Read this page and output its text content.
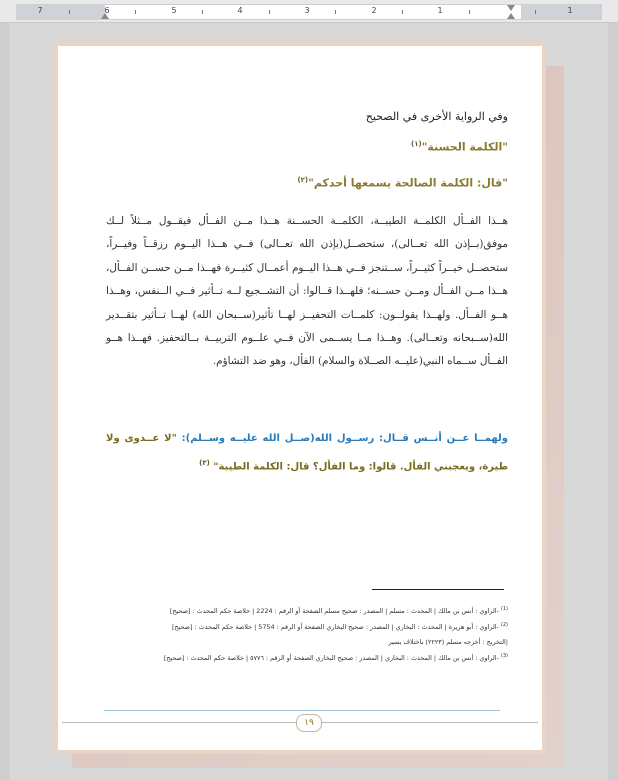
7	6	5	4	3	2	1	1
وفي الرواية الأخرى في الصحيح
"الكلمة الحسنة"$^{(١)}$
"قال: الكلمة الصالحة يسمعها أحدكم"$^{(٢)}$
هــذا الفــأل الكلمــة الطيبــة، الكلمــة الحســنة هــذا مــن الفــأل فيقــول مــثلاً لــك موفق(بــإذن الله تعــالى)، ستحصــل(بإذن الله تعــالى) فــي هــذا اليــوم رزقــاً وفيــراً، ستحصــل خيــراً كثيــراً، ســتنجز فــي هــذا اليــوم أعمــال كثيــرة فهــذا مــن حســن الفــأل، هــذا مــن الفــأل ومــن حســنه؛ فلهــذا قــالوا: أن التشــجيع لــه تــأثير فــي الــنفس، وهــذا هــو الفــأل. ولهــذا يقولــون: كلمــات التحفيــز لهــا تأثير(ســبحان الله) لهــا تــأثير بتقــدير الله(ســبحانه وتعــالى). وهــذا مــا يســمى الآن فــي علــوم التربيــة بــالتحفيز. فهــذا هــو الفــأل ســماه النبي(عليــه الصــلاة والسلام) الفأل، وهو ضد التشاؤم.
ولهمــا عــن أنــس قــال: رســول الله(صــل الله عليــه وســلم): "لا عــدوى ولا طيرة، ويعجبني الفأل. قالوا: وما الفأل؟ قال: الكلمة الطيبة" $^{(٣)}$
$^{(1)}$ -الراوي : أنس بن مالك | المحدث : مسلم | المصدر : صحيح مسلم الصفحة أو الرقم : 2224 | خلاصة حكم المحدث : [صحيح]
$^{(2)}$ -الراوي : أبو هريرة | المحدث : البخاري | المصدر : صحيح البخاري الصفحة أو الرقم : 5754 | خلاصة حكم المحدث : [صحيح]
|التخريج : أخرجه مسلم (٢٢٢٣) باختلاف يسير
$^{(3)}$ -الراوي : أنس بن مالك | المحدث : البخاري | المصدر : صحيح البخاري الصفحة أو الرقم : ٥٧٧٦ | خلاصة حكم المحدث : [صحيح]
١٩
